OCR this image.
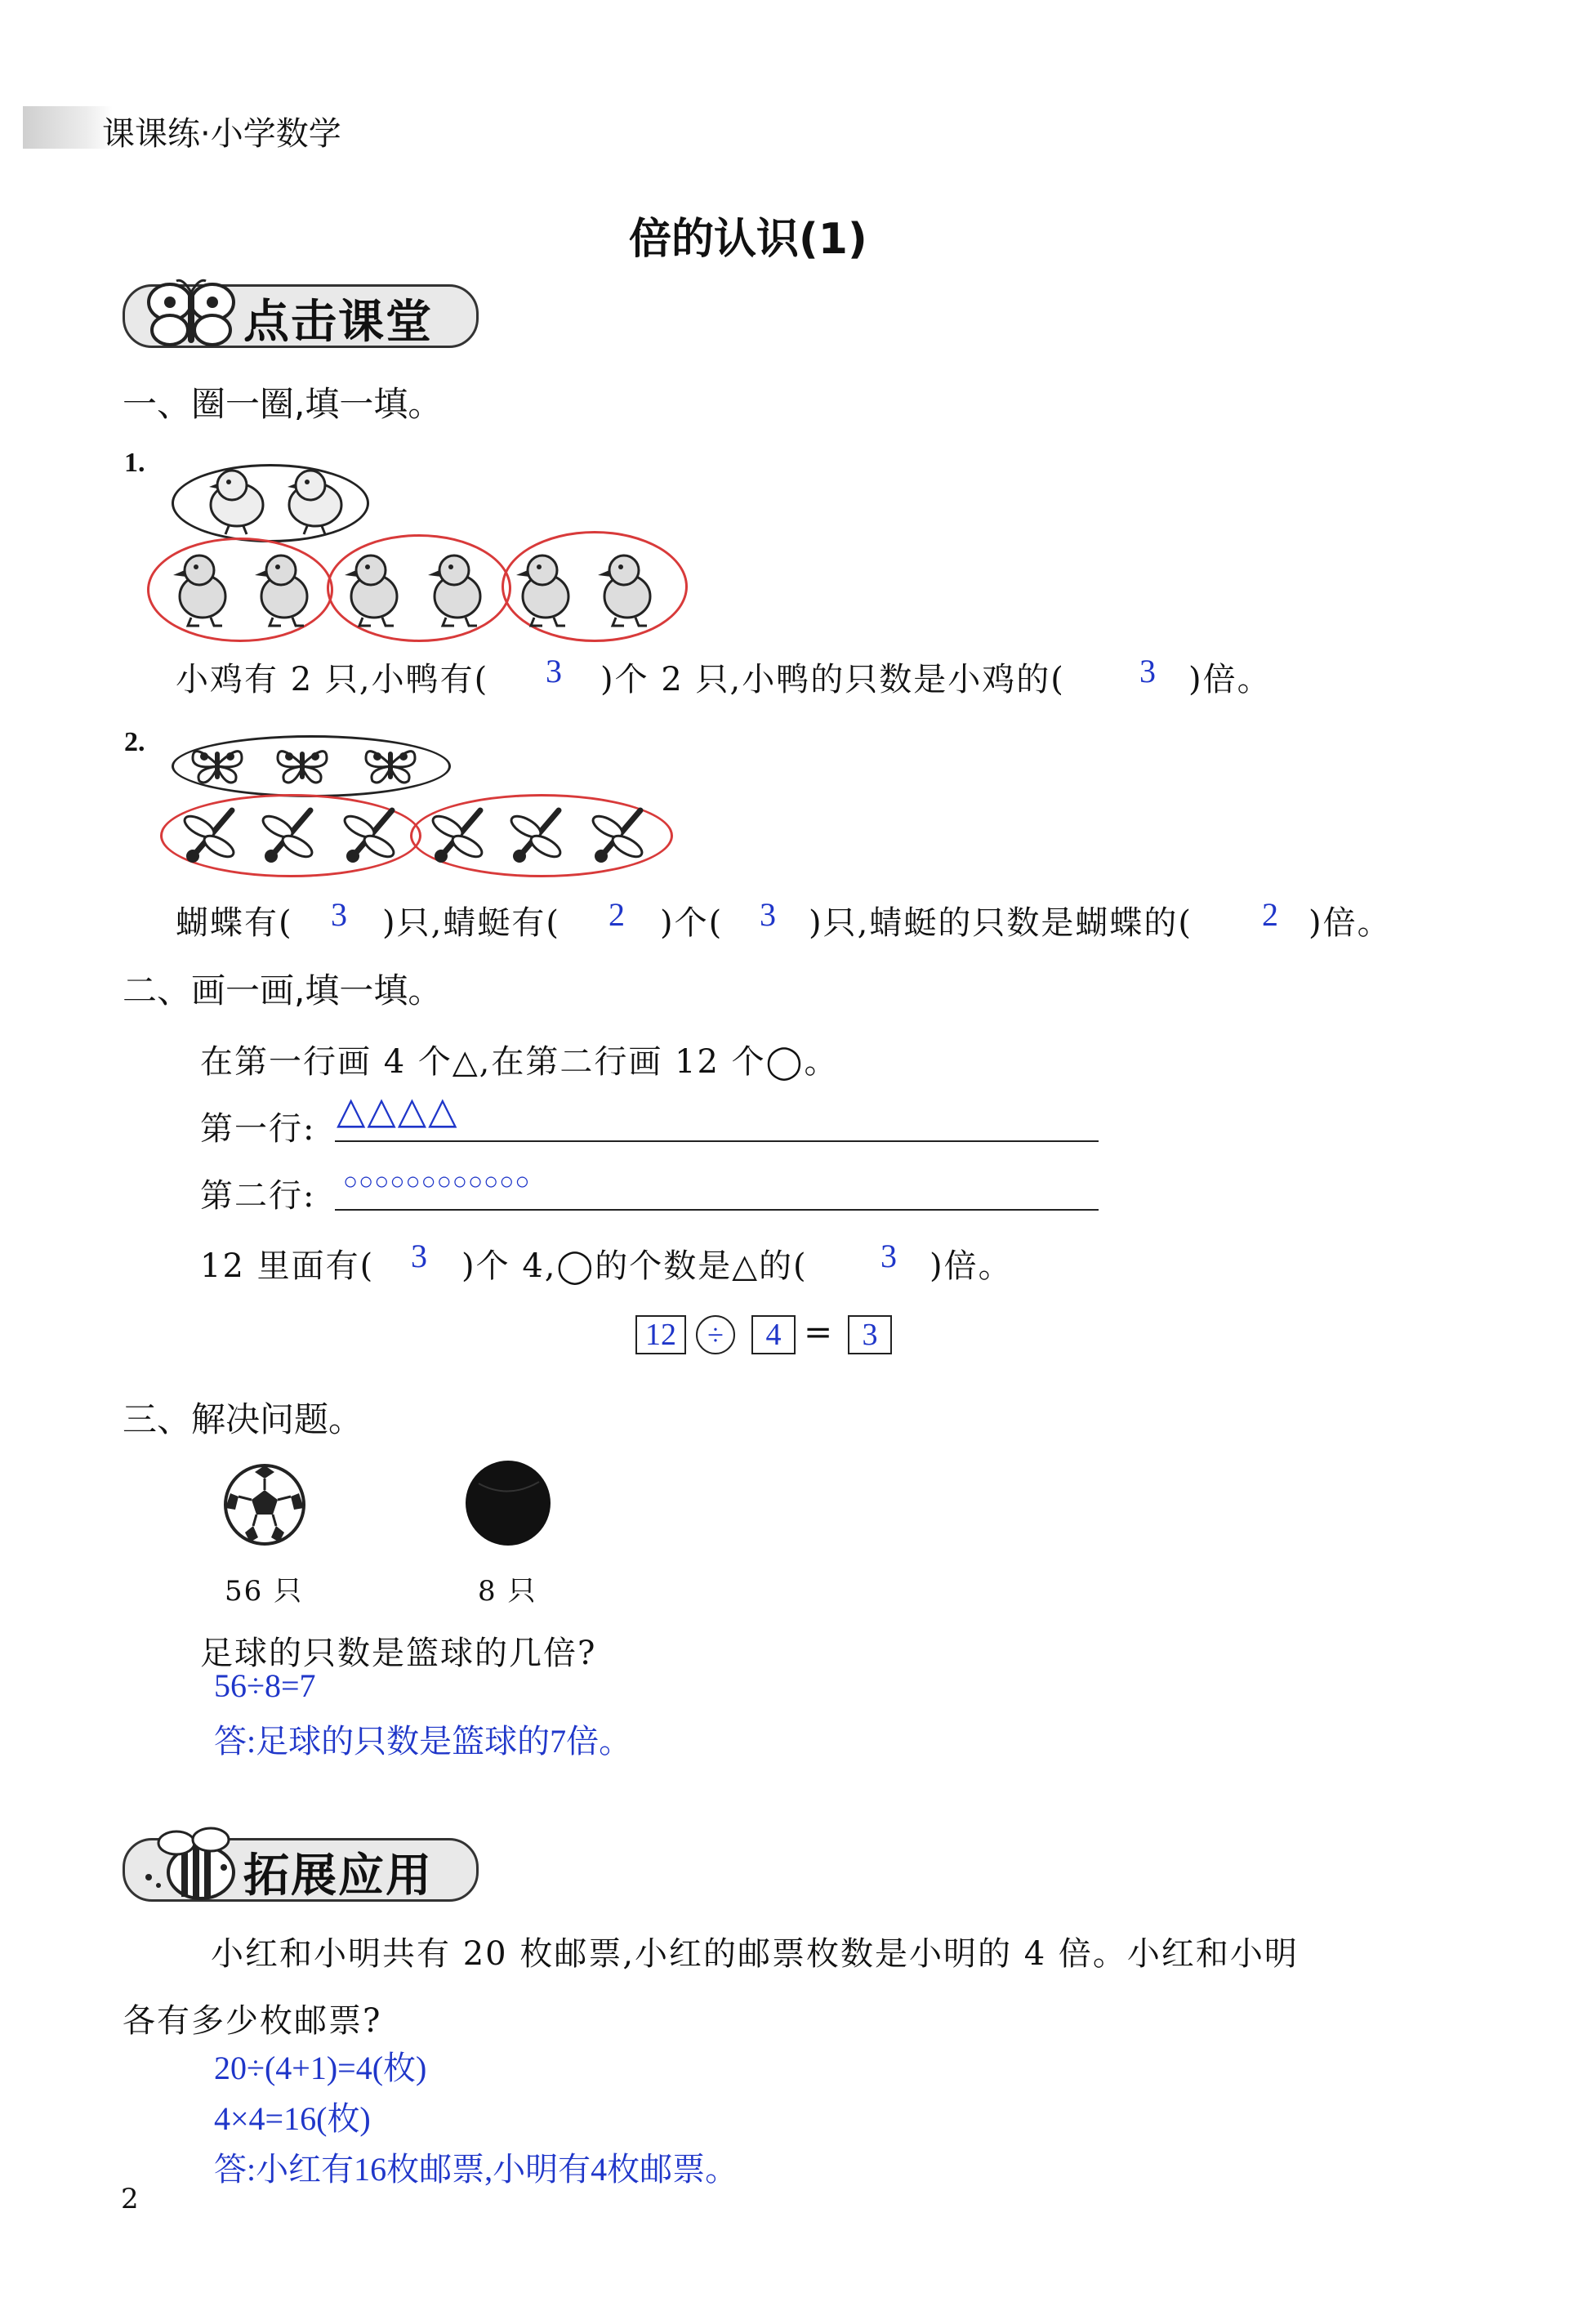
课课练·小学数学
倍的认识(1)
点击课堂
一、圈一圈,填一填。
1.
小鸡有 2 只,小鸭有( 3 )个 2 只,小鸭的只数是小鸡的( 3 )倍。
2.
蝴蝶有( 3 )只,蜻蜓有( 2 )个( 3 )只,蜻蜓的只数是蝴蝶的( 2 )倍。
二、画一画,填一填。
在第一行画 4 个△,在第二行画 12 个◯。
第一行: △△△△
第二行: ○○○○○○○○○○○○
12 里面有( 3 )个 4,◯的个数是△的( 3 )倍。
12	÷	4 = 3
三、解决问题。
56 只	8 只
足球的只数是篮球的几倍?
56÷8=7
答:足球的只数是篮球的7倍。
拓展应用
小红和小明共有 20 枚邮票,小红的邮票枚数是小明的 4 倍。小红和小明
各有多少枚邮票?
20÷(4+1)=4(枚)
4×4=16(枚)
答:小红有16枚邮票,小明有4枚邮票。
2
